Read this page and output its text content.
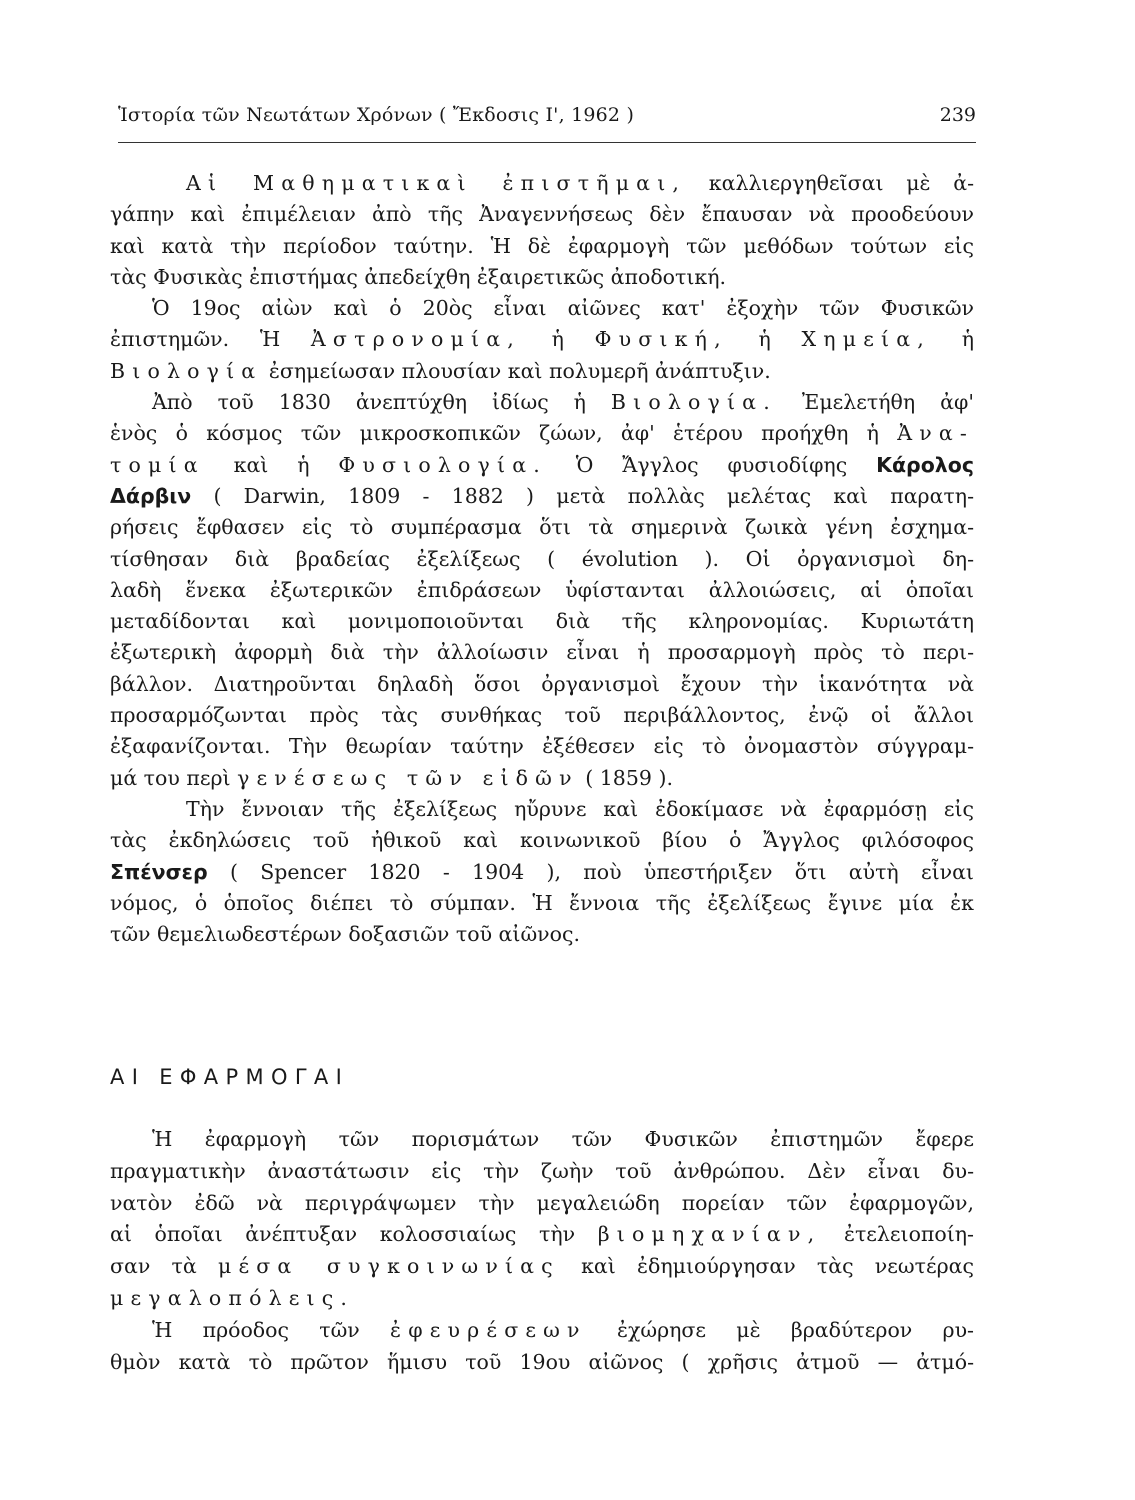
Ἱστορία τῶν Νεωτάτων Χρόνων ( Ἔκδοσις Ι', 1962 )	239
Αἱ Μαθηματικαὶ ἐπιστῆμαι, καλλιεργηθεῖσαι μὲ ἀ-
γάπην καὶ ἐπιμέλειαν ἀπὸ τῆς Ἀναγεννήσεως δὲν ἔπαυσαν νὰ προοδεύουν
καὶ κατὰ τὴν περίοδον ταύτην. Ἡ δὲ ἐφαρμογὴ τῶν μεθόδων τούτων εἰς
τὰς Φυσικὰς ἐπιστήμας ἀπεδείχθη ἐξαιρετικῶς ἀποδοτική.
Ὁ 19ος αἰὼν καὶ ὁ 20ὸς εἶναι αἰῶνες κατ' ἐξοχὴν τῶν Φυσικῶν
ἐπιστημῶν. Ἡ Ἀστρονομία, ἡ Φυσική, ἡ Χημεία, ἡ
Βιολογία ἐσημείωσαν πλουσίαν καὶ πολυμερῆ ἀνάπτυξιν.
Ἀπὸ τοῦ 1830 ἀνεπτύχθη ἰδίως ἡ Βιολογία. Ἐμελετήθη ἀφ'
ἑνὸς ὁ κόσμος τῶν μικροσκοπικῶν ζώων, ἀφ' ἑτέρου προήχθη ἡ Ἀνα-
τομία καὶ ἡ Φυσιολογία. Ὁ Ἄγγλος φυσιοδίφης Κάρολος
Δάρβιν ( Darwin, 1809 - 1882 ) μετὰ πολλὰς μελέτας καὶ παρατη-
ρήσεις ἔφθασεν εἰς τὸ συμπέρασμα ὅτι τὰ σημερινὰ ζωικὰ γένη ἐσχημα-
τίσθησαν διὰ βραδείας ἐξελίξεως ( évolution ). Οἱ ὀργανισμοὶ δη-
λαδὴ ἕνεκα ἐξωτερικῶν ἐπιδράσεων ὑφίστανται ἀλλοιώσεις, αἱ ὁποῖαι
μεταδίδονται καὶ μονιμοποιοῦνται διὰ τῆς κληρονομίας. Κυριωτάτη
ἐξωτερικὴ ἀφορμὴ διὰ τὴν ἀλλοίωσιν εἶναι ἡ προσαρμογὴ πρὸς τὸ περι-
βάλλον. Διατηροῦνται δηλαδὴ ὅσοι ὀργανισμοὶ ἔχουν τὴν ἱκανότητα νὰ
προσαρμόζωνται πρὸς τὰς συνθήκας τοῦ περιβάλλοντος, ἐνῷ οἱ ἄλλοι
ἐξαφανίζονται. Τὴν θεωρίαν ταύτην ἐξέθεσεν εἰς τὸ ὀνομαστὸν σύγγραμ-
μά του περὶ γενέσεως τῶν εἰδῶν ( 1859 ).
Τὴν ἔννοιαν τῆς ἐξελίξεως ηὔρυνε καὶ ἐδοκίμασε νὰ ἐφαρμόσῃ εἰς
τὰς ἐκδηλώσεις τοῦ ἠθικοῦ καὶ κοινωνικοῦ βίου ὁ Ἄγγλος φιλόσοφος
Σπένσερ ( Spencer 1820 - 1904 ), ποὺ ὑπεστήριξεν ὅτι αὐτὴ εἶναι
νόμος, ὁ ὁποῖος διέπει τὸ σύμπαν. Ἡ ἔννοια τῆς ἐξελίξεως ἔγινε μία ἐκ
τῶν θεμελιωδεστέρων δοξασιῶν τοῦ αἰῶνος.
ΑΙ ΕΦΑΡΜΟΓΑΙ
Ἡ ἐφαρμογὴ τῶν πορισμάτων τῶν Φυσικῶν ἐπιστημῶν ἔφερε
πραγματικὴν ἀναστάτωσιν εἰς τὴν ζωὴν τοῦ ἀνθρώπου. Δὲν εἶναι δυ-
νατὸν ἐδῶ νὰ περιγράψωμεν τὴν μεγαλειώδη πορείαν τῶν ἐφαρμογῶν,
αἱ ὁποῖαι ἀνέπτυξαν κολοσσιαίως τὴν βιομηχανίαν, ἐτελειοποίη-
σαν τὰ μέσα συγκοινωνίας καὶ ἐδημιούργησαν τὰς νεωτέρας
μεγαλοπόλεις.
Ἡ πρόοδος τῶν ἐφευρέσεων ἐχώρησε μὲ βραδύτερον ρυ-
θμὸν κατὰ τὸ πρῶτον ἥμισυ τοῦ 19ου αἰῶνος ( χρῆσις ἀτμοῦ — ἀτμό-
